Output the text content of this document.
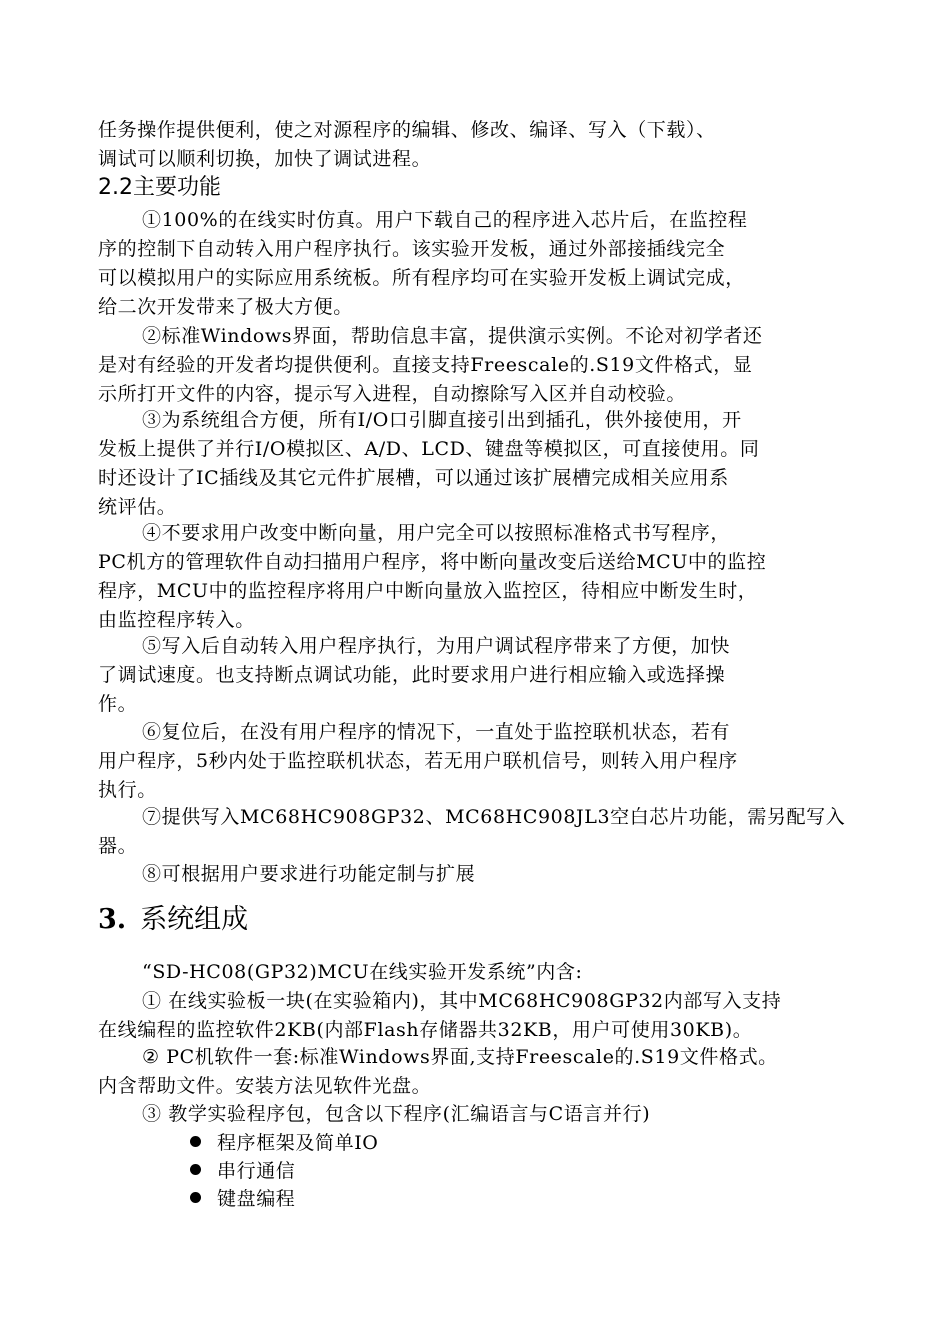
任务操作提供便利，使之对源程序的编辑、修改、编译、写入（下载）、
调试可以顺利切换，加快了调试进程。
2.2主要功能
①100%的在线实时仿真。用户下载自己的程序进入芯片后，在监控程
序的控制下自动转入用户程序执行。该实验开发板，通过外部接插线完全
可以模拟用户的实际应用系统板。所有程序均可在实验开发板上调试完成，
给二次开发带来了极大方便。
②标准Windows界面，帮助信息丰富，提供演示实例。不论对初学者还
是对有经验的开发者均提供便利。直接支持Freescale的.S19文件格式，显
示所打开文件的内容，提示写入进程，自动擦除写入区并自动校验。
③为系统组合方便，所有I/O口引脚直接引出到插孔，供外接使用，开
发板上提供了并行I/O模拟区、A/D、LCD、键盘等模拟区，可直接使用。同
时还设计了IC插线及其它元件扩展槽，可以通过该扩展槽完成相关应用系
统评估。
④不要求用户改变中断向量，用户完全可以按照标准格式书写程序，
PC机方的管理软件自动扫描用户程序，将中断向量改变后送给MCU中的监控
程序，MCU中的监控程序将用户中断向量放入监控区，待相应中断发生时，
由监控程序转入。
⑤写入后自动转入用户程序执行，为用户调试程序带来了方便，加快
了调试速度。也支持断点调试功能，此时要求用户进行相应输入或选择操
作。
⑥复位后，在没有用户程序的情况下，一直处于监控联机状态，若有
用户程序，5秒内处于监控联机状态，若无用户联机信号，则转入用户程序
执行。
⑦提供写入MC68HC908GP32、MC68HC908JL3空白芯片功能，需另配写入
器。
⑧可根据用户要求进行功能定制与扩展
3. 系统组成
“SD-HC08(GP32)MCU在线实验开发系统”内含:
① 在线实验板一块(在实验箱内)，其中MC68HC908GP32内部写入支持
在线编程的监控软件2KB(内部Flash存储器共32KB，用户可使用30KB)。
② PC机软件一套:标准Windows界面,支持Freescale的.S19文件格式。
内含帮助文件。安装方法见软件光盘。
③ 教学实验程序包，包含以下程序(汇编语言与C语言并行)
程序框架及简单IO
串行通信
键盘编程
